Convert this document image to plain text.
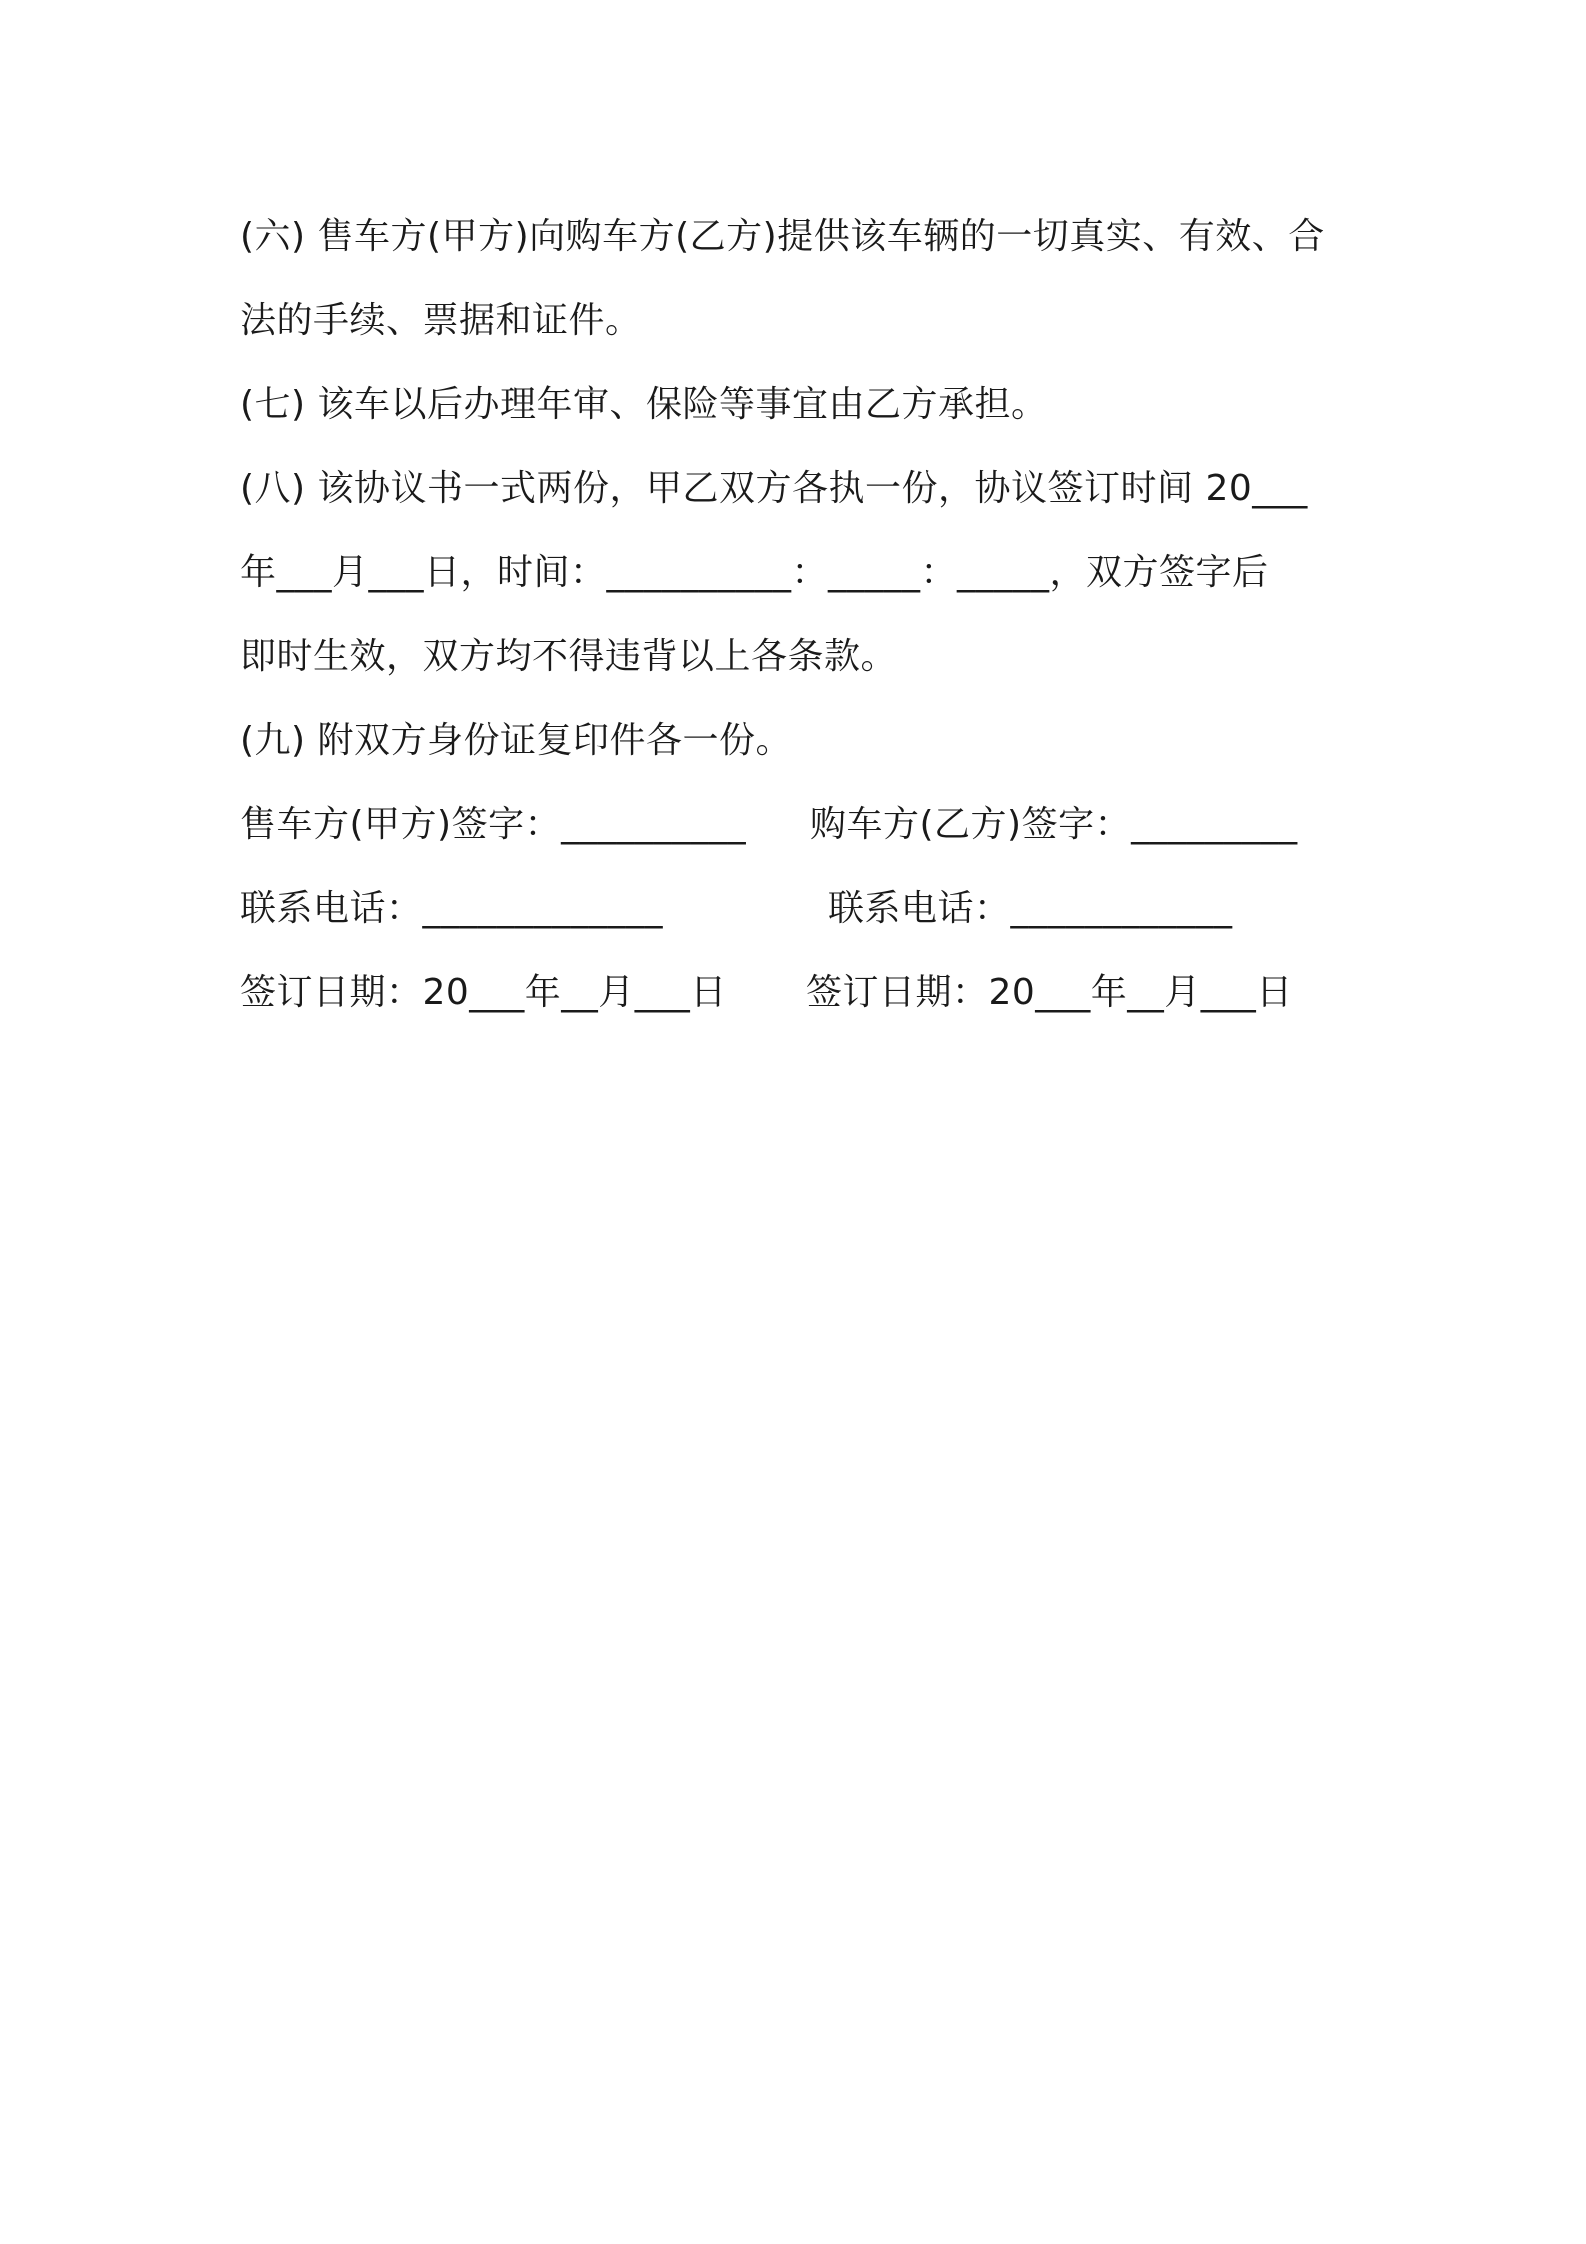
(六) 售车方(甲方)向购车方(乙方)提供该车辆的一切真实、有效、合
法的手续、票据和证件。
(七) 该车以后办理年审、保险等事宜由乙方承担。
(八) 该协议书一式两份，甲乙双方各执一份，协议签订时间 20___
年___月___日，时间：__________：_____：_____，双方签字后
即时生效，双方均不得违背以上各条款。
(九) 附双方身份证复印件各一份。
售车方(甲方)签字：__________ 购车方(乙方)签字：_________
联系电话：_____________	联系电话：____________
签订日期：20___年__月___日 签订日期：20___年__月___日
